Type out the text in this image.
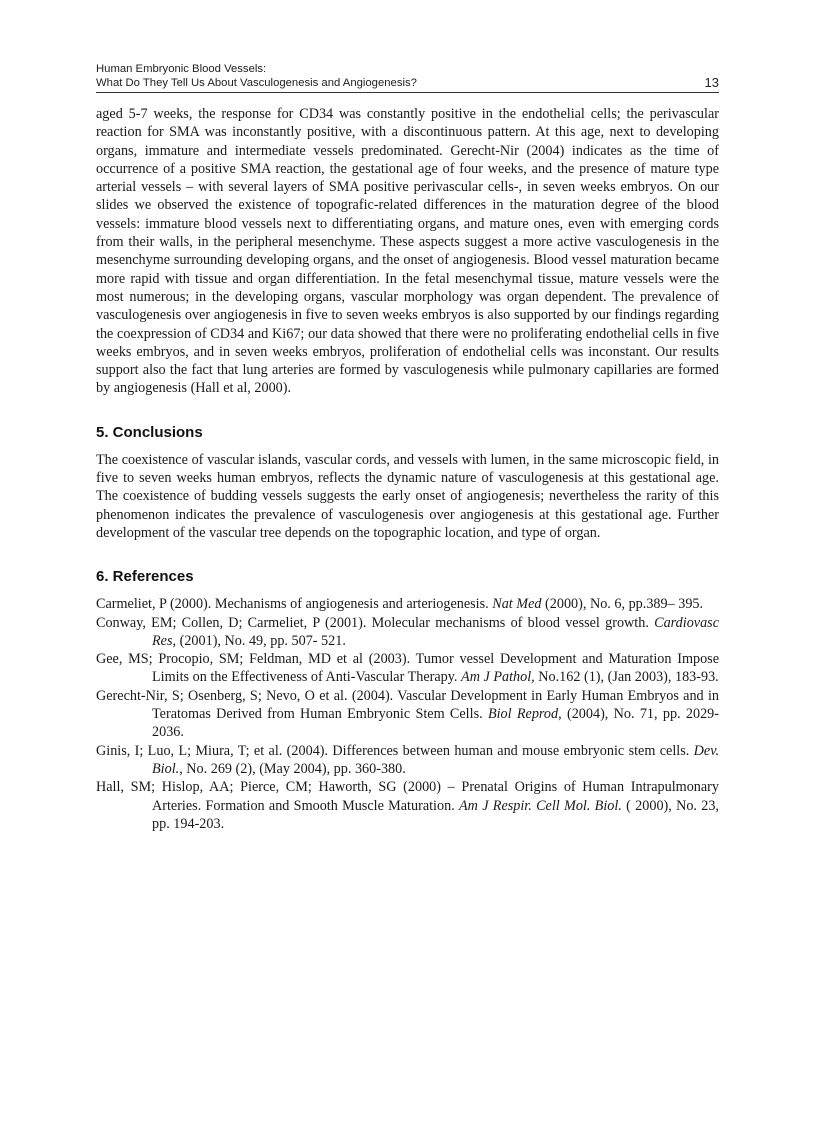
Human Embryonic Blood Vessels:
What Do They Tell Us About Vasculogenesis and Angiogenesis?	13

aged 5-7 weeks, the response for CD34 was constantly positive in the endothelial cells; the perivascular reaction for SMA was inconstantly positive, with a discontinuous pattern. At this age, next to developing organs, immature and intermediate vessels predominated. Gerecht-Nir (2004) indicates as the time of occurrence of a positive SMA reaction, the gestational age of four weeks, and the presence of mature type arterial vessels – with several layers of SMA positive perivascular cells-, in seven weeks embryos. On our slides we observed the existence of topografic-related differences in the maturation degree of the blood vessels: immature blood vessels next to differentiating organs, and mature ones, even with emerging cords from their walls, in the peripheral mesenchyme. These aspects suggest a more active vasculogenesis in the mesenchyme surrounding developing organs, and the onset of angiogenesis. Blood vessel maturation became more rapid with tissue and organ differentiation. In the fetal mesenchymal tissue, mature vessels were the most numerous; in the developing organs, vascular morphology was organ dependent. The prevalence of vasculogenesis over angiogenesis in five to seven weeks embryos is also supported by our findings regarding the coexpression of CD34 and Ki67; our data showed that there were no proliferating endothelial cells in five weeks embryos, and in seven weeks embryos, proliferation of endothelial cells was inconstant. Our results support also the fact that lung arteries are formed by vasculogenesis while pulmonary capillaries are formed by angiogenesis (Hall et al, 2000).

5. Conclusions

The coexistence of vascular islands, vascular cords, and vessels with lumen, in the same microscopic field, in five to seven weeks human embryos, reflects the dynamic nature of vasculogenesis at this gestational age. The coexistence of budding vessels suggests the early onset of angiogenesis; nevertheless the rarity of this phenomenon indicates the prevalence of vasculogenesis over angiogenesis at this gestational age. Further development of the vascular tree depends on the topographic location, and type of organ.

6. References

Carmeliet, P (2000). Mechanisms of angiogenesis and arteriogenesis. Nat Med (2000), No. 6, pp.389– 395.

Conway, EM; Collen, D; Carmeliet, P (2001). Molecular mechanisms of blood vessel growth. Cardiovasc Res, (2001), No. 49, pp. 507- 521.

Gee, MS; Procopio, SM; Feldman, MD et al (2003). Tumor vessel Development and Maturation Impose Limits on the Effectiveness of Anti-Vascular Therapy. Am J Pathol, No.162 (1), (Jan 2003), 183-93.

Gerecht-Nir, S; Osenberg, S; Nevo, O et al. (2004). Vascular Development in Early Human Embryos and in Teratomas Derived from Human Embryonic Stem Cells. Biol Reprod, (2004), No. 71, pp. 2029- 2036.

Ginis, I; Luo, L; Miura, T; et al. (2004). Differences between human and mouse embryonic stem cells. Dev. Biol., No. 269 (2), (May 2004), pp. 360-380.

Hall, SM; Hislop, AA; Pierce, CM; Haworth, SG (2000) – Prenatal Origins of Human Intrapulmonary Arteries. Formation and Smooth Muscle Maturation. Am J Respir. Cell Mol. Biol. ( 2000), No. 23, pp. 194-203.
